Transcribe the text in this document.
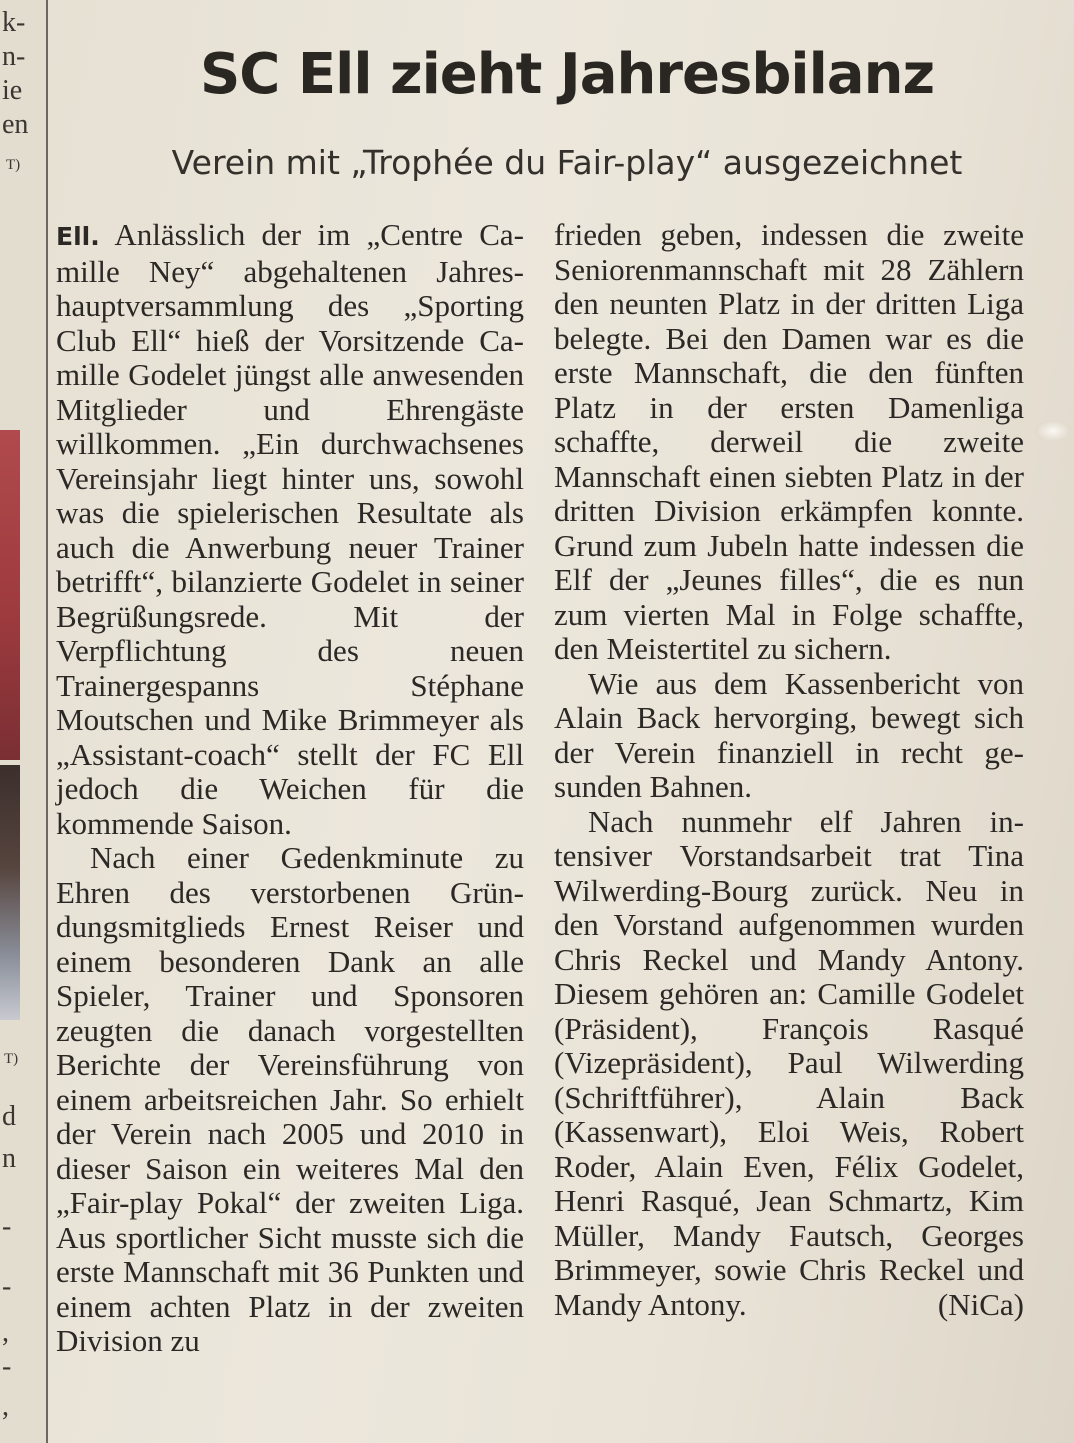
k-
n-
ie
en
T)
T)
d
n
-
-
,
-
,
SC Ell zieht Jahresbilanz
Verein mit „Trophée du Fair-play“ ausgezeichnet

Ell. Anlässlich der im „Centre Camille Ney“ abgehaltenen Jahreshauptversammlung des „Sporting Club Ell“ hieß der Vorsitzende Camille Godelet jüngst alle anwesenden Mitglieder und Ehrengäste willkommen. „Ein durchwachsenes Vereinsjahr liegt hinter uns, sowohl was die spielerischen Resultate als auch die Anwerbung neuer Trainer betrifft“, bilanzierte Godelet in seiner Begrüßungsrede. Mit der Verpflichtung des neuen Trainergespanns Stéphane Moutschen und Mike Brimmeyer als „Assistant-coach“ stellt der FC Ell jedoch die Weichen für die kommende Saison.

Nach einer Gedenkminute zu Ehren des verstorbenen Gründungsmitglieds Ernest Reiser und einem besonderen Dank an alle Spieler, Trainer und Sponsoren zeugten die danach vorgestellten Berichte der Vereinsführung von einem arbeitsreichen Jahr. So erhielt der Verein nach 2005 und 2010 in dieser Saison ein weiteres Mal den „Fair-play Pokal“ der zweiten Liga. Aus sportlicher Sicht musste sich die erste Mannschaft mit 36 Punkten und einem achten Platz in der zweiten Division zu

frieden geben, indessen die zweite Seniorenmannschaft mit 28 Zählern den neunten Platz in der dritten Liga belegte. Bei den Damen war es die erste Mannschaft, die den fünften Platz in der ersten Damenliga schaffte, derweil die zweite Mannschaft einen siebten Platz in der dritten Division erkämpfen konnte. Grund zum Jubeln hatte indessen die Elf der „Jeunes filles“, die es nun zum vierten Mal in Folge schaffte, den Meistertitel zu sichern.

Wie aus dem Kassenbericht von Alain Back hervorging, bewegt sich der Verein finanziell in recht gesunden Bahnen.

Nach nunmehr elf Jahren intensiver Vorstandsarbeit trat Tina Wilwerding-Bourg zurück. Neu in den Vorstand aufgenommen wurden Chris Reckel und Mandy Antony. Diesem gehören an: Camille Godelet (Präsident), François Rasqué (Vizepräsident), Paul Wilwerding (Schriftführer), Alain Back (Kassenwart), Eloi Weis, Robert Roder, Alain Even, Félix Godelet, Henri Rasqué, Jean Schmartz, Kim Müller, Mandy Fautsch, Georges Brimmeyer, sowie Chris Reckel und Mandy Antony.	(NiCa)
